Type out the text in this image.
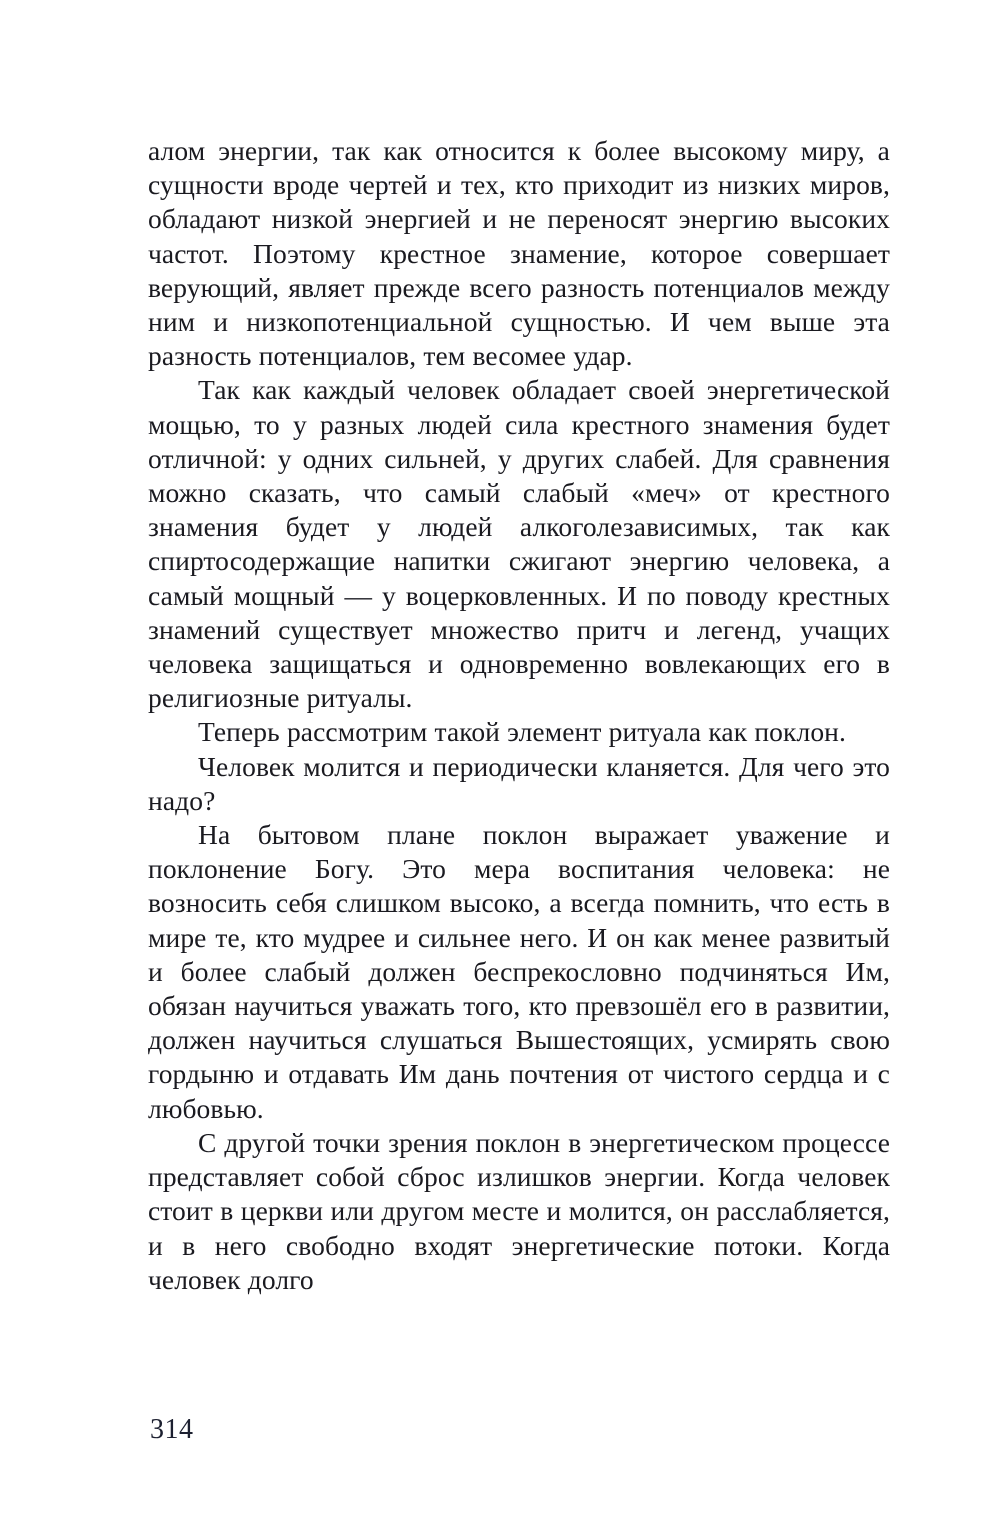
алом энергии, так как относится к более высокому миру, а сущности вроде чертей и тех, кто приходит из низких миров, обладают низкой энергией и не переносят энергию высоких частот. Поэтому крестное знамение, которое совершает верующий, являет прежде всего разность потенциалов между ним и низкопотенциальной сущностью. И чем выше эта разность потенциалов, тем весомее удар.

Так как каждый человек обладает своей энергетической мощью, то у разных людей сила крестного знамения будет отличной: у одних сильней, у других слабей. Для сравнения можно сказать, что самый слабый «меч» от крестного знамения будет у людей алкоголезависимых, так как спиртосодержащие напитки сжигают энергию человека, а самый мощный — у воцерковленных. И по поводу крестных знамений существует множество притч и легенд, учащих человека защищаться и одновременно вовлекающих его в религиозные ритуалы.

Теперь рассмотрим такой элемент ритуала как поклон.

Человек молится и периодически кланяется. Для чего это надо?

На бытовом плане поклон выражает уважение и поклонение Богу. Это мера воспитания человека: не возносить себя слишком высоко, а всегда помнить, что есть в мире те, кто мудрее и сильнее него. И он как менее развитый и более слабый должен беспрекословно подчиняться Им, обязан научиться уважать того, кто превзошёл его в развитии, должен научиться слушаться Вышестоящих, усмирять свою гордыню и отдавать Им дань почтения от чистого сердца и с любовью.

С другой точки зрения поклон в энергетическом процессе представляет собой сброс излишков энергии. Когда человек стоит в церкви или другом месте и молится, он расслабляется, и в него свободно входят энергетические потоки. Когда человек долго

314
